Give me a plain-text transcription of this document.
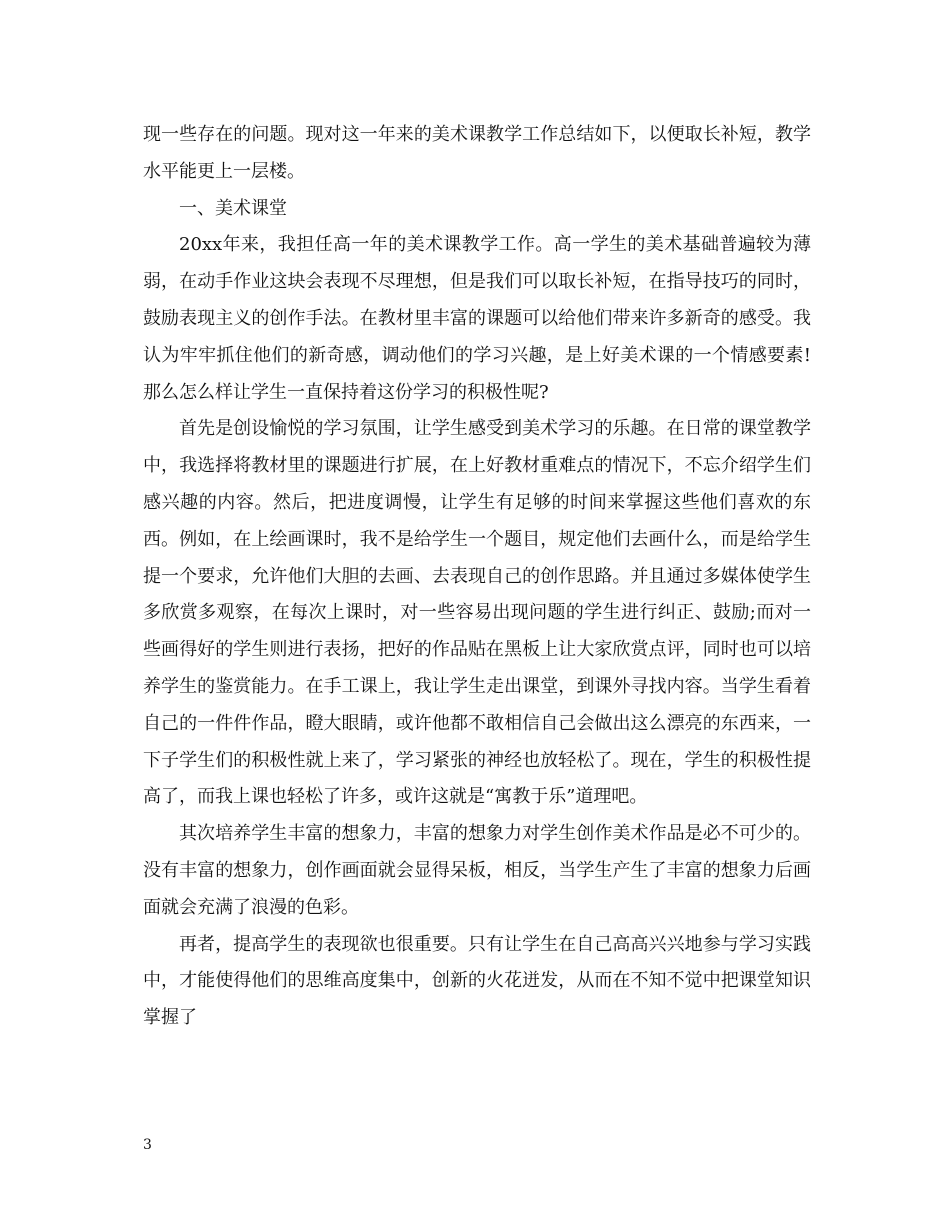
现一些存在的问题。现对这一年来的美术课教学工作总结如下，以便取长补短，教学水平能更上一层楼。

一、美术课堂

20xx年来，我担任高一年的美术课教学工作。高一学生的美术基础普遍较为薄弱，在动手作业这块会表现不尽理想，但是我们可以取长补短，在指导技巧的同时，鼓励表现主义的创作手法。在教材里丰富的课题可以给他们带来许多新奇的感受。我认为牢牢抓住他们的新奇感，调动他们的学习兴趣，是上好美术课的一个情感要素!那么怎么样让学生一直保持着这份学习的积极性呢?

首先是创设愉悦的学习氛围，让学生感受到美术学习的乐趣。在日常的课堂教学中，我选择将教材里的课题进行扩展，在上好教材重难点的情况下，不忘介绍学生们感兴趣的内容。然后，把进度调慢，让学生有足够的时间来掌握这些他们喜欢的东西。例如，在上绘画课时，我不是给学生一个题目，规定他们去画什么，而是给学生提一个要求，允许他们大胆的去画、去表现自己的创作思路。并且通过多媒体使学生多欣赏多观察，在每次上课时，对一些容易出现问题的学生进行纠正、鼓励;而对一些画得好的学生则进行表扬，把好的作品贴在黑板上让大家欣赏点评，同时也可以培养学生的鉴赏能力。在手工课上，我让学生走出课堂，到课外寻找内容。当学生看着自己的一件件作品，瞪大眼睛，或许他都不敢相信自己会做出这么漂亮的东西来，一下子学生们的积极性就上来了，学习紧张的神经也放轻松了。现在，学生的积极性提高了，而我上课也轻松了许多，或许这就是“寓教于乐”道理吧。

其次培养学生丰富的想象力，丰富的想象力对学生创作美术作品是必不可少的。没有丰富的想象力，创作画面就会显得呆板，相反，当学生产生了丰富的想象力后画面就会充满了浪漫的色彩。

再者，提高学生的表现欲也很重要。只有让学生在自己高高兴兴地参与学习实践中，才能使得他们的思维高度集中，创新的火花迸发，从而在不知不觉中把课堂知识掌握了

3
